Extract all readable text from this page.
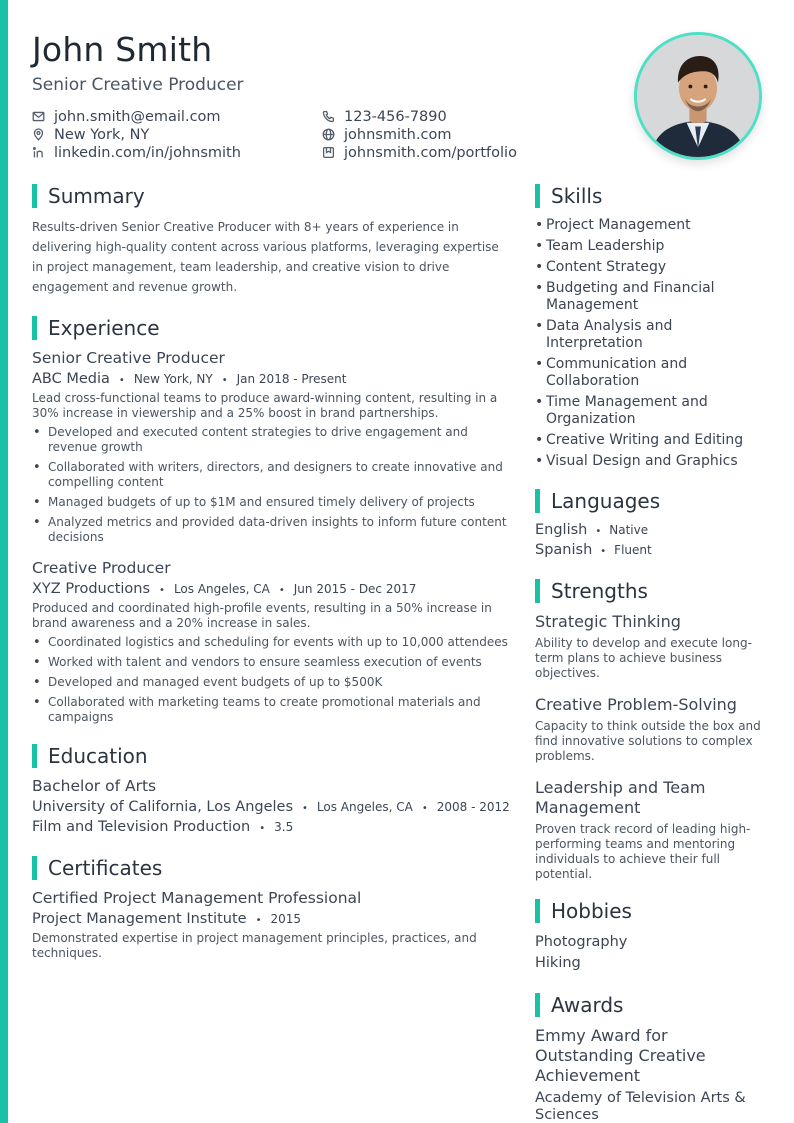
John Smith
Senior Creative Producer
john.smith@email.com	123-456-7890
New York, NY	johnsmith.com
linkedin.com/in/johnsmith	johnsmith.com/portfolio
Summary

Results-driven Senior Creative Producer with 8+ years of experience in delivering high-quality content across various platforms, leveraging expertise in project management, team leadership, and creative vision to drive engagement and revenue growth.

Experience
Senior Creative Producer
ABC Media • New York, NY • Jan 2018 - Present

Lead cross-functional teams to produce award-winning content, resulting in a 30% increase in viewership and a 25% boost in brand partnerships.

• Developed and executed content strategies to drive engagement and revenue growth
• Collaborated with writers, directors, and designers to create innovative and compelling content
• Managed budgets of up to $1M and ensured timely delivery of projects
• Analyzed metrics and provided data-driven insights to inform future content decisions
Creative Producer
XYZ Productions • Los Angeles, CA • Jun 2015 - Dec 2017

Produced and coordinated high-profile events, resulting in a 50% increase in brand awareness and a 20% increase in sales.

• Coordinated logistics and scheduling for events with up to 10,000 attendees
• Worked with talent and vendors to ensure seamless execution of events
• Developed and managed event budgets of up to $500K
• Collaborated with marketing teams to create promotional materials and campaigns
Education
Bachelor of Arts
University of California, Los Angeles • Los Angeles, CA • 2008 - 2012
Film and Television Production • 3.5
Certificates
Certified Project Management Professional
Project Management Institute • 2015

Demonstrated expertise in project management principles, practices, and techniques.

Skills
• Project Management
• Team Leadership
• Content Strategy
• Budgeting and Financial Management
• Data Analysis and Interpretation
• Communication and Collaboration
• Time Management and Organization
• Creative Writing and Editing
• Visual Design and Graphics
Languages
English • Native
Spanish • Fluent
Strengths
Strategic Thinking
Ability to develop and execute long-term plans to achieve business objectives.
Creative Problem-Solving
Capacity to think outside the box and find innovative solutions to complex problems.
Leadership and Team Management
Proven track record of leading high-performing teams and mentoring individuals to achieve their full potential.
Hobbies
Photography
Hiking
Awards
Emmy Award for Outstanding Creative Achievement
Academy of Television Arts & Sciences
